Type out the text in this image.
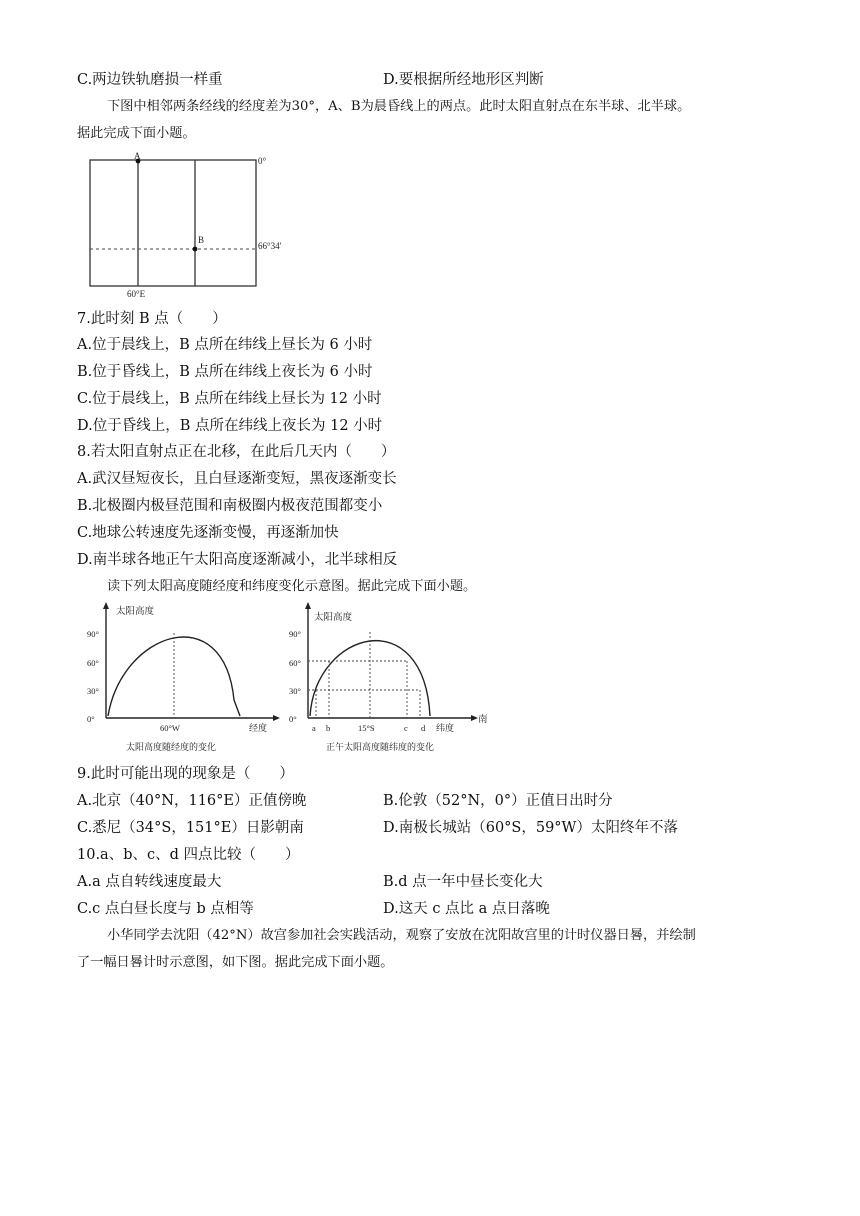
C.两边铁轨磨损一样重	D.要根据所经地形区判断
下图中相邻两条经线的经度差为30°，A、B为晨昏线上的两点。此时太阳直射点在东半球、北半球。
据此完成下面小题。
A
B
0°
66°34′
60°E
7.此时刻 B 点（　　）
A.位于晨线上，B 点所在纬线上昼长为 6 小时
B.位于昏线上，B 点所在纬线上夜长为 6 小时
C.位于晨线上，B 点所在纬线上昼长为 12 小时
D.位于昏线上，B 点所在纬线上夜长为 12 小时
8.若太阳直射点正在北移，在此后几天内（　　）
A.武汉昼短夜长，且白昼逐渐变短，黑夜逐渐变长
B.北极圈内极昼范围和南极圈内极夜范围都变小
C.地球公转速度先逐渐变慢，再逐渐加快
D.南半球各地正午太阳高度逐渐减小，北半球相反
读下列太阳高度随经度和纬度变化示意图。据此完成下面小题。
太阳高度
90°
60°
30°
0°
60°W	经度
太阳高度随经度的变化
太阳高度
90°
60°
30°
0°
a b	15°S	c d 纬度
南
正午太阳高度随纬度的变化
9.此时可能出现的现象是（　　）
A.北京（40°N，116°E）正值傍晚	B.伦敦（52°N，0°）正值日出时分
C.悉尼（34°S，151°E）日影朝南	D.南极长城站（60°S，59°W）太阳终年不落
10.a、b、c、d 四点比较（　　）
A.a 点自转线速度最大	B.d 点一年中昼长变化大
C.c 点白昼长度与 b 点相等	D.这天 c 点比 a 点日落晚
小华同学去沈阳（42°N）故宫参加社会实践活动，观察了安放在沈阳故宫里的计时仪器日晷，并绘制
了一幅日晷计时示意图，如下图。据此完成下面小题。
